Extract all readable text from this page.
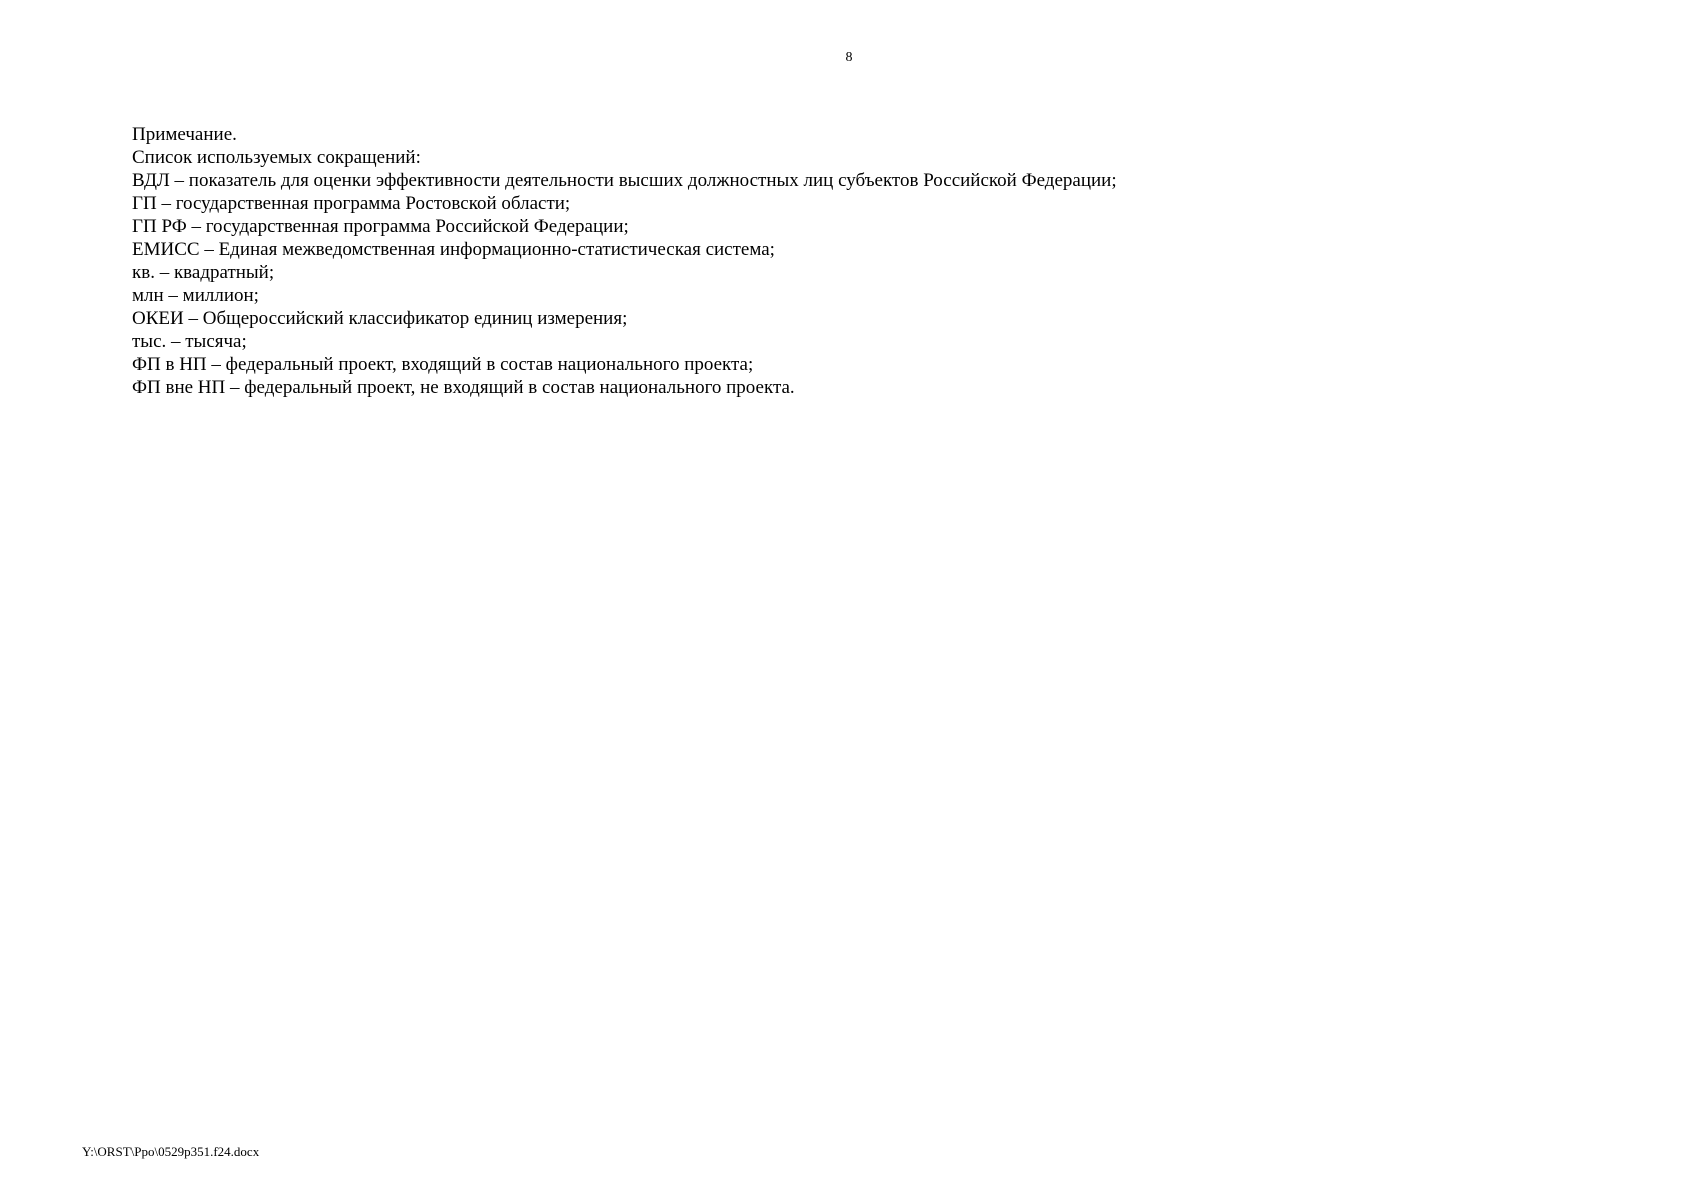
8
Примечание.
Список используемых сокращений:
ВДЛ – показатель для оценки эффективности деятельности высших должностных лиц субъектов Российской Федерации;
ГП – государственная программа Ростовской области;
ГП РФ – государственная программа Российской Федерации;
ЕМИСС – Единая межведомственная информационно-статистическая система;
кв. – квадратный;
млн – миллион;
ОКЕИ – Общероссийский классификатор единиц измерения;
тыс. – тысяча;
ФП в НП – федеральный проект, входящий в состав национального проекта;
ФП вне НП – федеральный проект, не входящий в состав национального проекта.
Y:\ORST\Ppo\0529p351.f24.docx
